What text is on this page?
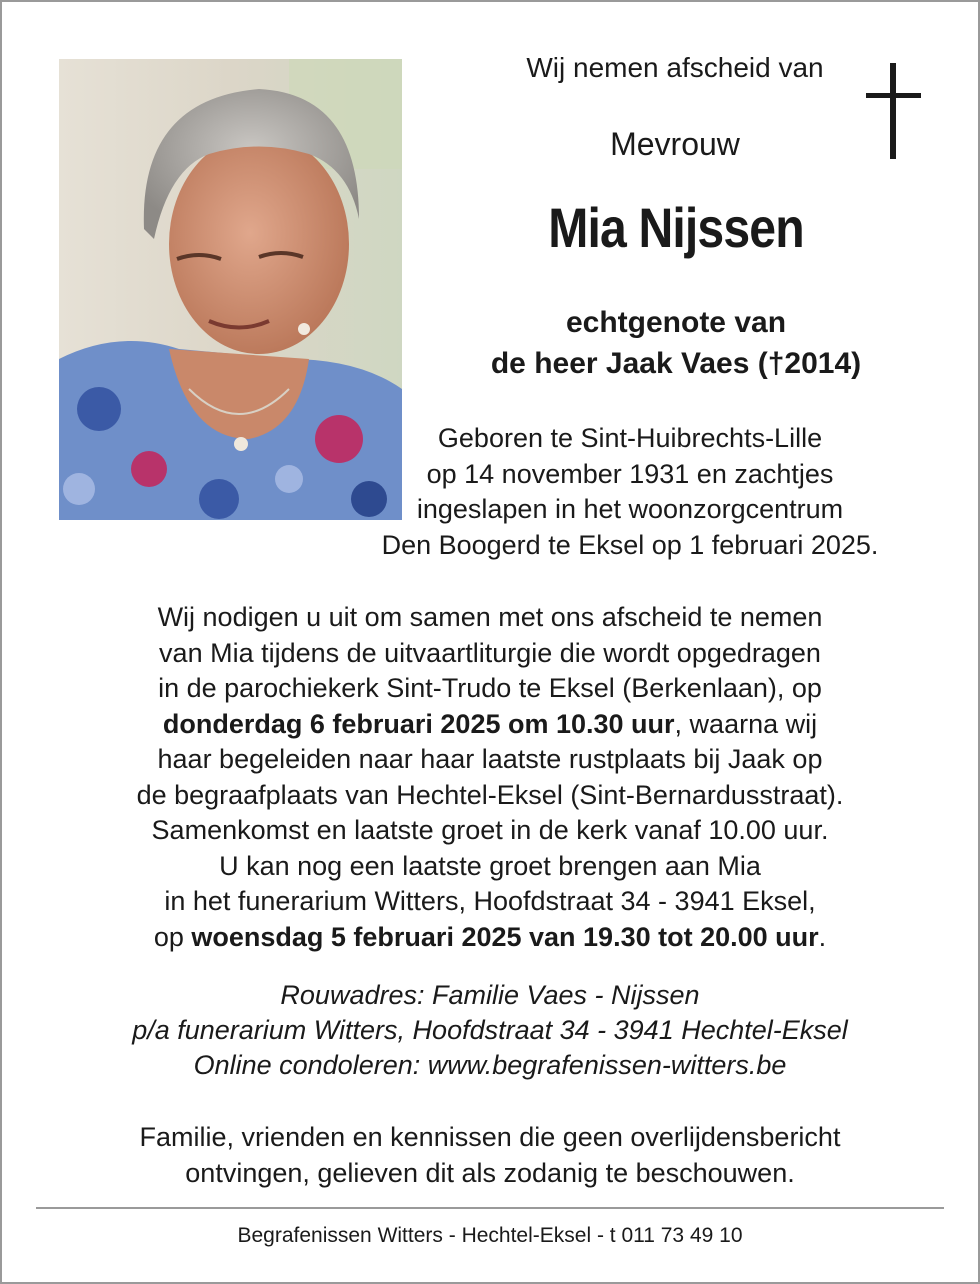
Wij nemen afscheid van
Mevrouw
Mia Nijssen
echtgenote van
de heer Jaak Vaes (†2014)
Geboren te Sint-Huibrechts-Lille
op 14 november 1931 en zachtjes
ingeslapen in het woonzorgcentrum
Den Boogerd te Eksel op 1 februari 2025.
Wij nodigen u uit om samen met ons afscheid te nemen
van Mia tijdens de uitvaartliturgie die wordt opgedragen
in de parochiekerk Sint-Trudo te Eksel (Berkenlaan), op
donderdag 6 februari 2025 om 10.30 uur, waarna wij
haar begeleiden naar haar laatste rustplaats bij Jaak op
de begraafplaats van Hechtel-Eksel (Sint-Bernardusstraat).
Samenkomst en laatste groet in de kerk vanaf 10.00 uur.
U kan nog een laatste groet brengen aan Mia
in het funerarium Witters, Hoofdstraat 34 - 3941 Eksel,
op woensdag 5 februari 2025 van 19.30 tot 20.00 uur.
Rouwadres: Familie Vaes - Nijssen
p/a funerarium Witters, Hoofdstraat 34 - 3941 Hechtel-Eksel
Online condoleren: www.begrafenissen-witters.be
Familie, vrienden en kennissen die geen overlijdensbericht
ontvingen, gelieven dit als zodanig te beschouwen.
Begrafenissen Witters - Hechtel-Eksel - t 011 73 49 10
